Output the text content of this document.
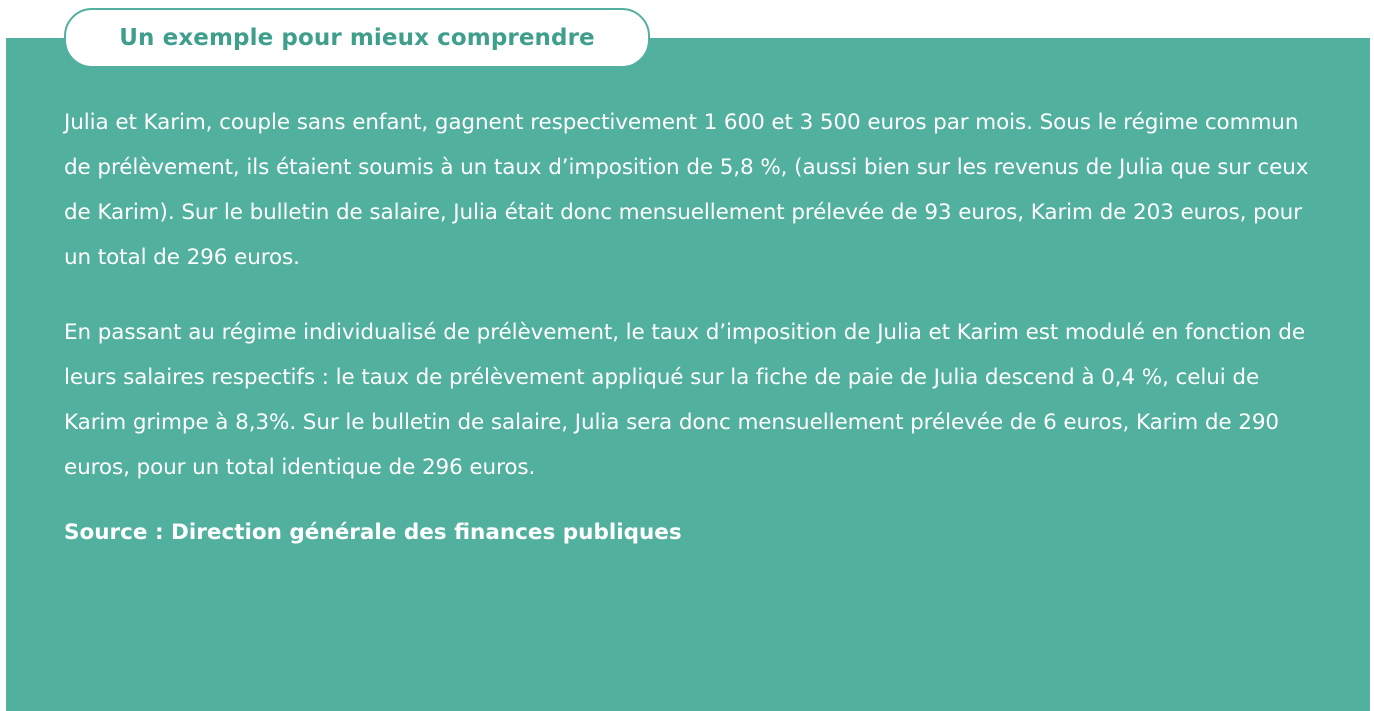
Un exemple pour mieux comprendre

Julia et Karim, couple sans enfant, gagnent respectivement 1 600 et 3 500 euros par mois. Sous le régime commun de prélèvement, ils étaient soumis à un taux d’imposition de 5,8 %, (aussi bien sur les revenus de Julia que sur ceux de Karim). Sur le bulletin de salaire, Julia était donc mensuellement prélevée de 93 euros, Karim de 203 euros, pour un total de 296 euros.

En passant au régime individualisé de prélèvement, le taux d’imposition de Julia et Karim est modulé en fonction de leurs salaires respectifs : le taux de prélèvement appliqué sur la fiche de paie de Julia descend à 0,4 %, celui de Karim grimpe à 8,3%. Sur le bulletin de salaire, Julia sera donc mensuellement prélevée de 6 euros, Karim de 290 euros, pour un total identique de 296 euros.

Source : Direction générale des finances publiques
